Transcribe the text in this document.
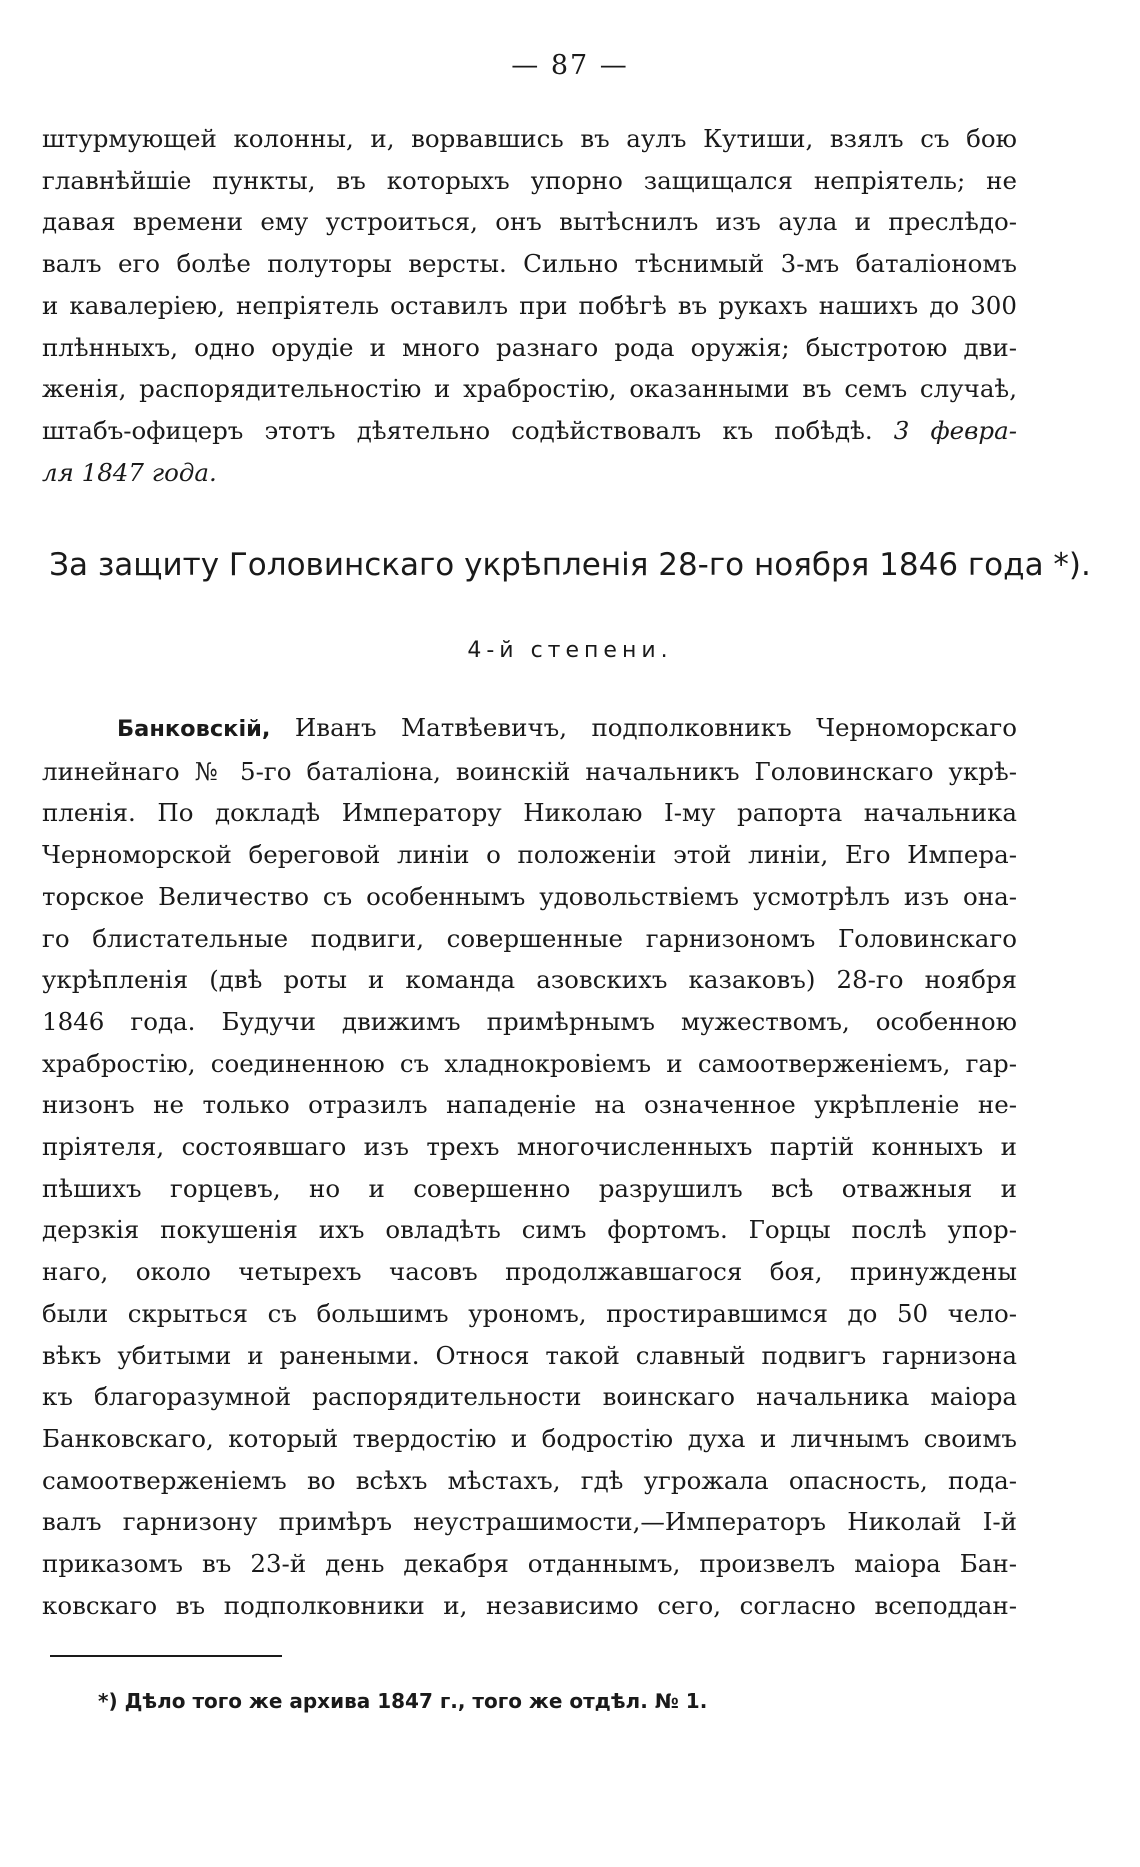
— 87 —
штурмующей колонны, и, ворвавшись въ аулъ Кутиши, взялъ съ бою
главнѣйшіе пункты, въ которыхъ упорно защищался непріятель; не
давая времени ему устроиться, онъ вытѣснилъ изъ аула и преслѣдо-
валъ его болѣе полуторы версты. Сильно тѣснимый 3-мъ баталіономъ
и кавалеріею, непріятель оставилъ при побѣгѣ въ рукахъ нашихъ до 300
плѣнныхъ, одно орудіе и много разнаго рода оружія; быстротою дви-
женія, распорядительностію и храбростію, оказанными въ семъ случаѣ,
штабъ-офицеръ этотъ дѣятельно содѣйствовалъ къ побѣдѣ. 3 февра-
ля 1847 года.
За защиту Головинскаго укрѣпленія 28-го ноября 1846 года *).
4-й степени.
Банковскій, Иванъ Матвѣевичъ, подполковникъ Черноморскаго
линейнаго № 5-го баталіона, воинскій начальникъ Головинскаго укрѣ-
пленія. По докладѣ Императору Николаю I-му рапорта начальника
Черноморской береговой линіи о положеніи этой линіи, Его Импера-
торское Величество съ особеннымъ удовольствіемъ усмотрѣлъ изъ она-
го блистательные подвиги, совершенные гарнизономъ Головинскаго
укрѣпленія (двѣ роты и команда азовскихъ казаковъ) 28-го ноября
1846 года. Будучи движимъ примѣрнымъ мужествомъ, особенною
храбростію, соединенною съ хладнокровіемъ и самоотверженіемъ, гар-
низонъ не только отразилъ нападеніе на означенное укрѣпленіе не-
пріятеля, состоявшаго изъ трехъ многочисленныхъ партій конныхъ и
пѣшихъ горцевъ, но и совершенно разрушилъ всѣ отважныя и
дерзкія покушенія ихъ овладѣть симъ фортомъ. Горцы послѣ упор-
наго, около четырехъ часовъ продолжавшагося боя, принуждены
были скрыться съ большимъ урономъ, простиравшимся до 50 чело-
вѣкъ убитыми и ранеными. Относя такой славный подвигъ гарнизона
къ благоразумной распорядительности воинскаго начальника маіора
Банковскаго, который твердостію и бодростію духа и личнымъ своимъ
самоотверженіемъ во всѣхъ мѣстахъ, гдѣ угрожала опасность, пода-
валъ гарнизону примѣръ неустрашимости,—Императоръ Николай I-й
приказомъ въ 23-й день декабря отданнымъ, произвелъ маіора Бан-
ковскаго въ подполковники и, независимо сего, согласно всеподдан-
*) Дѣло того же архива 1847 г., того же отдѣл. № 1.
